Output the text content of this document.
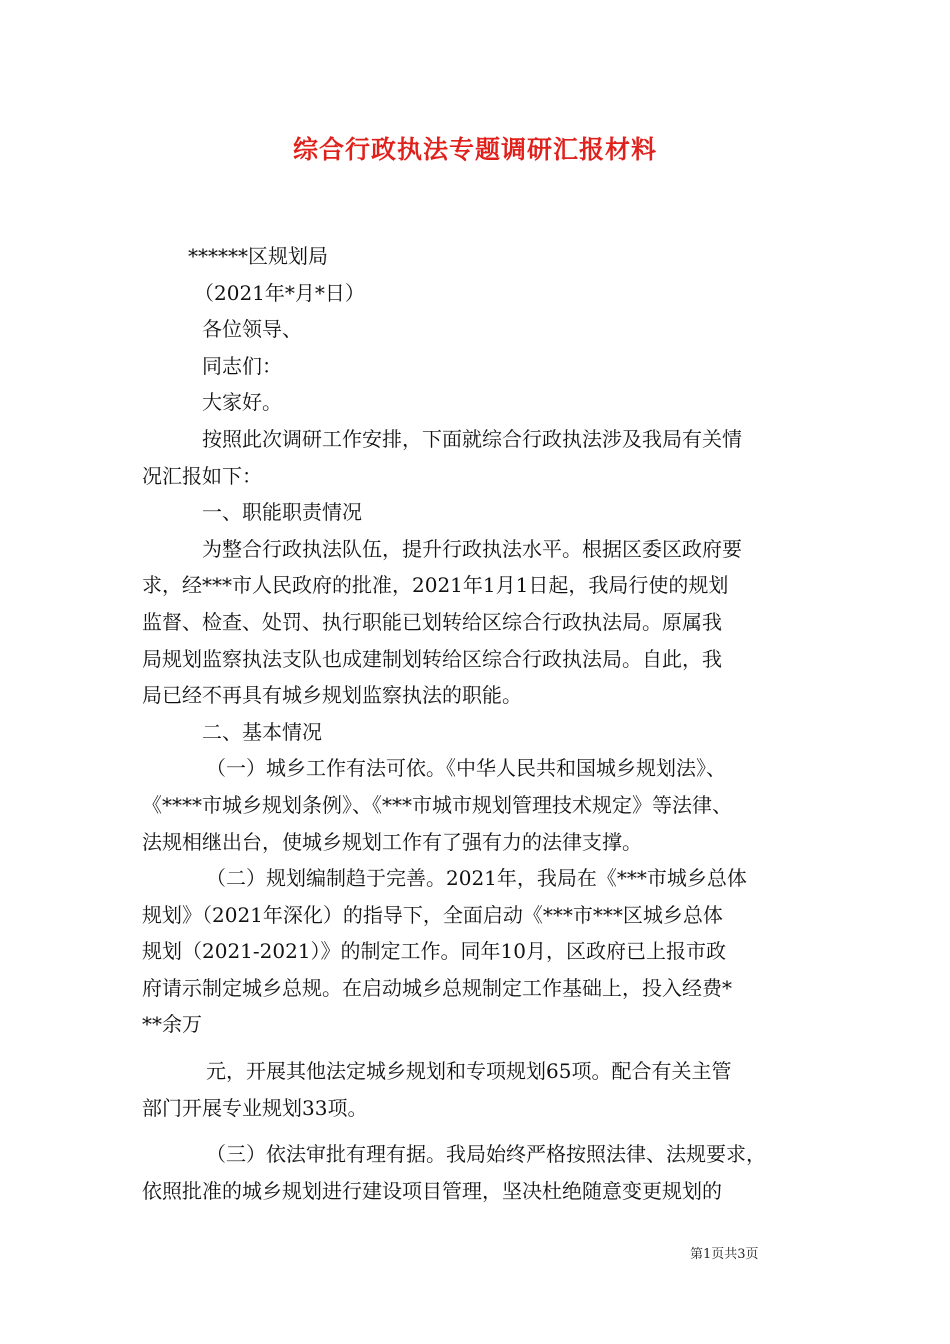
综合行政执法专题调研汇报材料

******区规划局

（2021年*月*日）

各位领导、

同志们：

大家好。

按照此次调研工作安排，下面就综合行政执法涉及我局有关情

况汇报如下：

一、职能职责情况

为整合行政执法队伍，提升行政执法水平。根据区委区政府要

求，经***市人民政府的批准，2021年1月1日起，我局行使的规划

监督、检查、处罚、执行职能已划转给区综合行政执法局。原属我

局规划监察执法支队也成建制划转给区综合行政执法局。自此，我

局已经不再具有城乡规划监察执法的职能。

二、基本情况

（一）城乡工作有法可依。《中华人民共和国城乡规划法》、

《****市城乡规划条例》、《***市城市规划管理技术规定》等法律、

法规相继出台，使城乡规划工作有了强有力的法律支撑。

（二）规划编制趋于完善。2021年，我局在《***市城乡总体

规划》（2021年深化）的指导下，全面启动《***市***区城乡总体

规划（2021-2021）》的制定工作。同年10月，区政府已上报市政

府请示制定城乡总规。在启动城乡总规制定工作基础上，投入经费*

**余万

元，开展其他法定城乡规划和专项规划65项。配合有关主管

部门开展专业规划33项。

（三）依法审批有理有据。我局始终严格按照法律、法规要求，

依照批准的城乡规划进行建设项目管理，坚决杜绝随意变更规划的

第1页共3页
